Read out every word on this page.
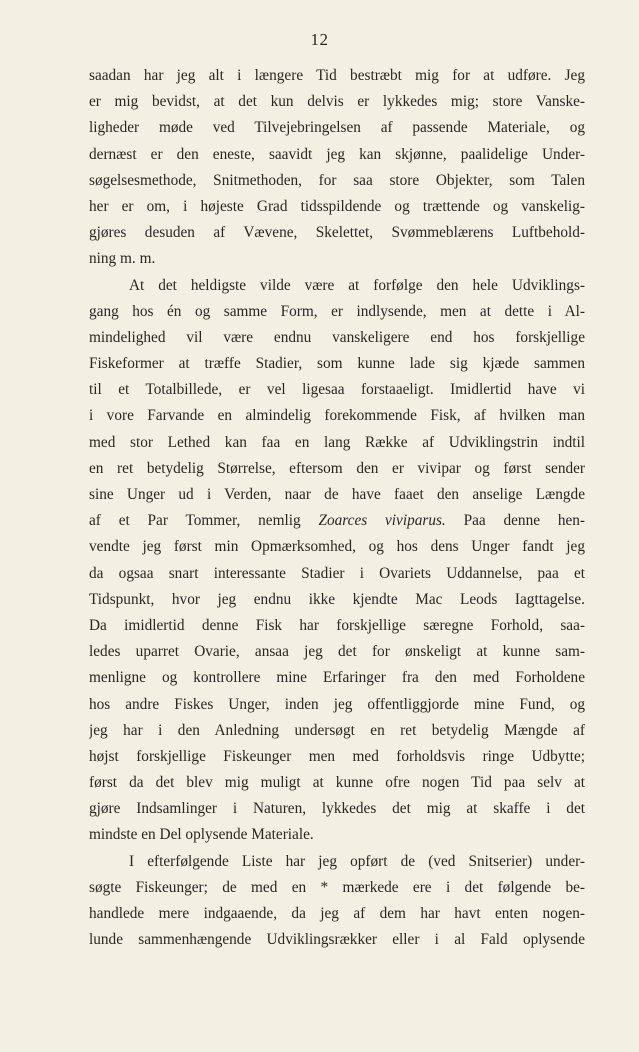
12
saadan har jeg alt i længere Tid bestræbt mig for at udføre. Jeg
er mig bevidst, at det kun delvis er lykkedes mig; store Vanske-
ligheder møde ved Tilvejebringelsen af passende Materiale, og
dernæst er den eneste, saavidt jeg kan skjønne, paalidelige Under-
søgelsesmethode, Snitmethoden, for saa store Objekter, som Talen
her er om, i højeste Grad tidsspildende og trættende og vanskelig-
gjøres desuden af Vævene, Skelettet, Svømmeblærens Luftbehold-
ning m. m.
At det heldigste vilde være at forfølge den hele Udviklings-
gang hos én og samme Form, er indlysende, men at dette i Al-
mindelighed vil være endnu vanskeligere end hos forskjellige
Fiskeformer at træffe Stadier, som kunne lade sig kjæde sammen
til et Totalbillede, er vel ligesaa forstaaeligt. Imidlertid have vi
i vore Farvande en almindelig forekommende Fisk, af hvilken man
med stor Lethed kan faa en lang Række af Udviklingstrin indtil
en ret betydelig Størrelse, eftersom den er vivipar og først sender
sine Unger ud i Verden, naar de have faaet den anselige Længde
af et Par Tommer, nemlig Zoarces viviparus. Paa denne hen-
vendte jeg først min Opmærksomhed, og hos dens Unger fandt jeg
da ogsaa snart interessante Stadier i Ovariets Uddannelse, paa et
Tidspunkt, hvor jeg endnu ikke kjendte Mac Leods Iagttagelse.
Da imidlertid denne Fisk har forskjellige særegne Forhold, saa-
ledes uparret Ovarie, ansaa jeg det for ønskeligt at kunne sam-
menligne og kontrollere mine Erfaringer fra den med Forholdene
hos andre Fiskes Unger, inden jeg offentliggjorde mine Fund, og
jeg har i den Anledning undersøgt en ret betydelig Mængde af
højst forskjellige Fiskeunger men med forholdsvis ringe Udbytte;
først da det blev mig muligt at kunne ofre nogen Tid paa selv at
gjøre Indsamlinger i Naturen, lykkedes det mig at skaffe i det
mindste en Del oplysende Materiale.
I efterfølgende Liste har jeg opført de (ved Snitserier) under-
søgte Fiskeunger; de med en * mærkede ere i det følgende be-
handlede mere indgaaende, da jeg af dem har havt enten nogen-
lunde sammenhængende Udviklingsrækker eller i al Fald oplysende
